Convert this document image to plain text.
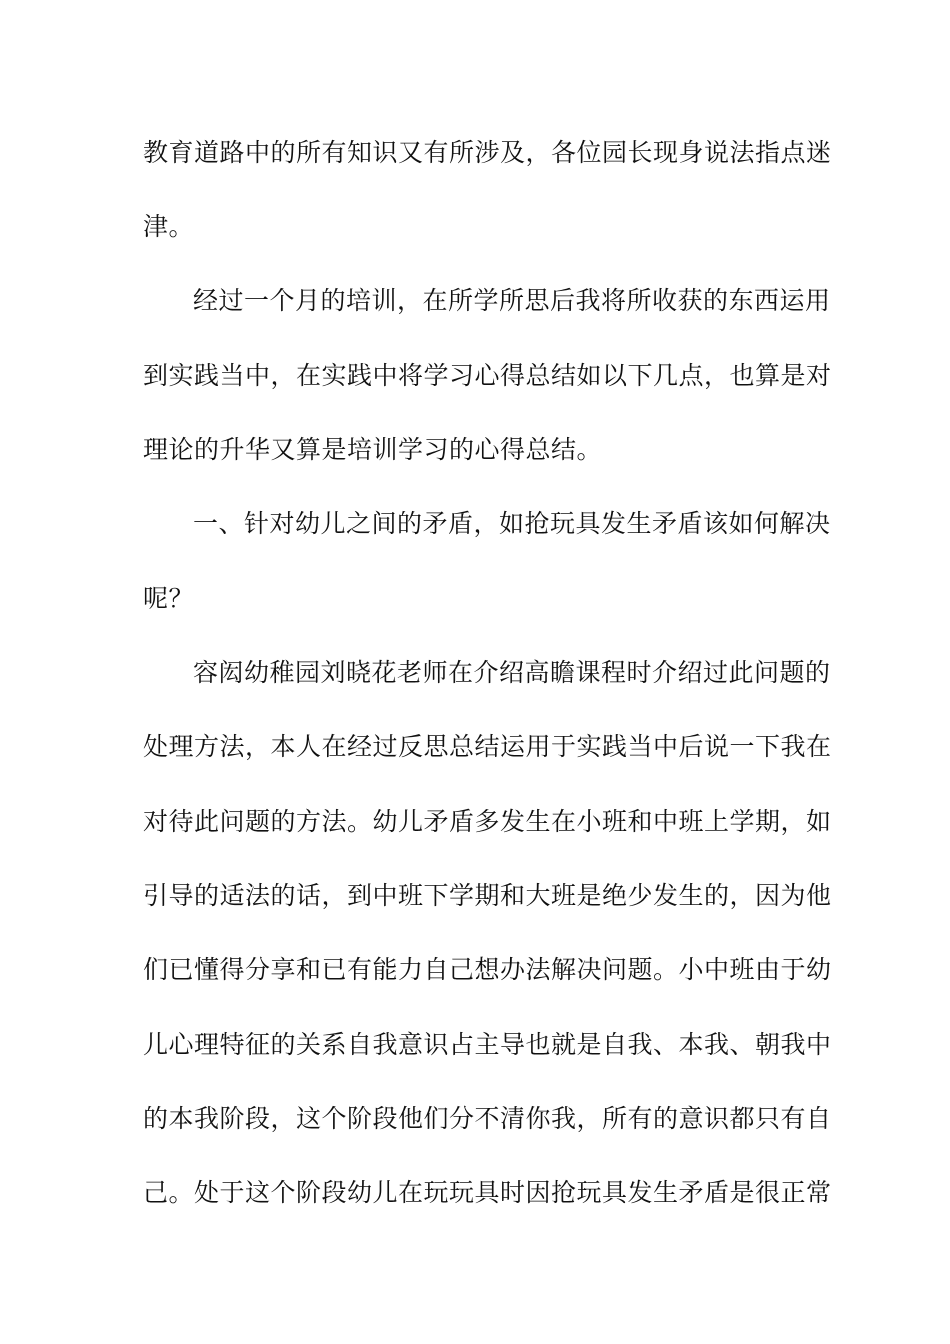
教育道路中的所有知识又有所涉及，各位园长现身说法指点迷
津。
经过一个月的培训，在所学所思后我将所收获的东西运用
到实践当中，在实践中将学习心得总结如以下几点，也算是对
理论的升华又算是培训学习的心得总结。
一、针对幼儿之间的矛盾，如抢玩具发生矛盾该如何解决
呢？
容闳幼稚园刘晓花老师在介绍高瞻课程时介绍过此问题的
处理方法，本人在经过反思总结运用于实践当中后说一下我在
对待此问题的方法。幼儿矛盾多发生在小班和中班上学期，如
引导的适法的话，到中班下学期和大班是绝少发生的，因为他
们已懂得分享和已有能力自己想办法解决问题。小中班由于幼
儿心理特征的关系自我意识占主导也就是自我、本我、朝我中
的本我阶段，这个阶段他们分不清你我，所有的意识都只有自
己。处于这个阶段幼儿在玩玩具时因抢玩具发生矛盾是很正常
